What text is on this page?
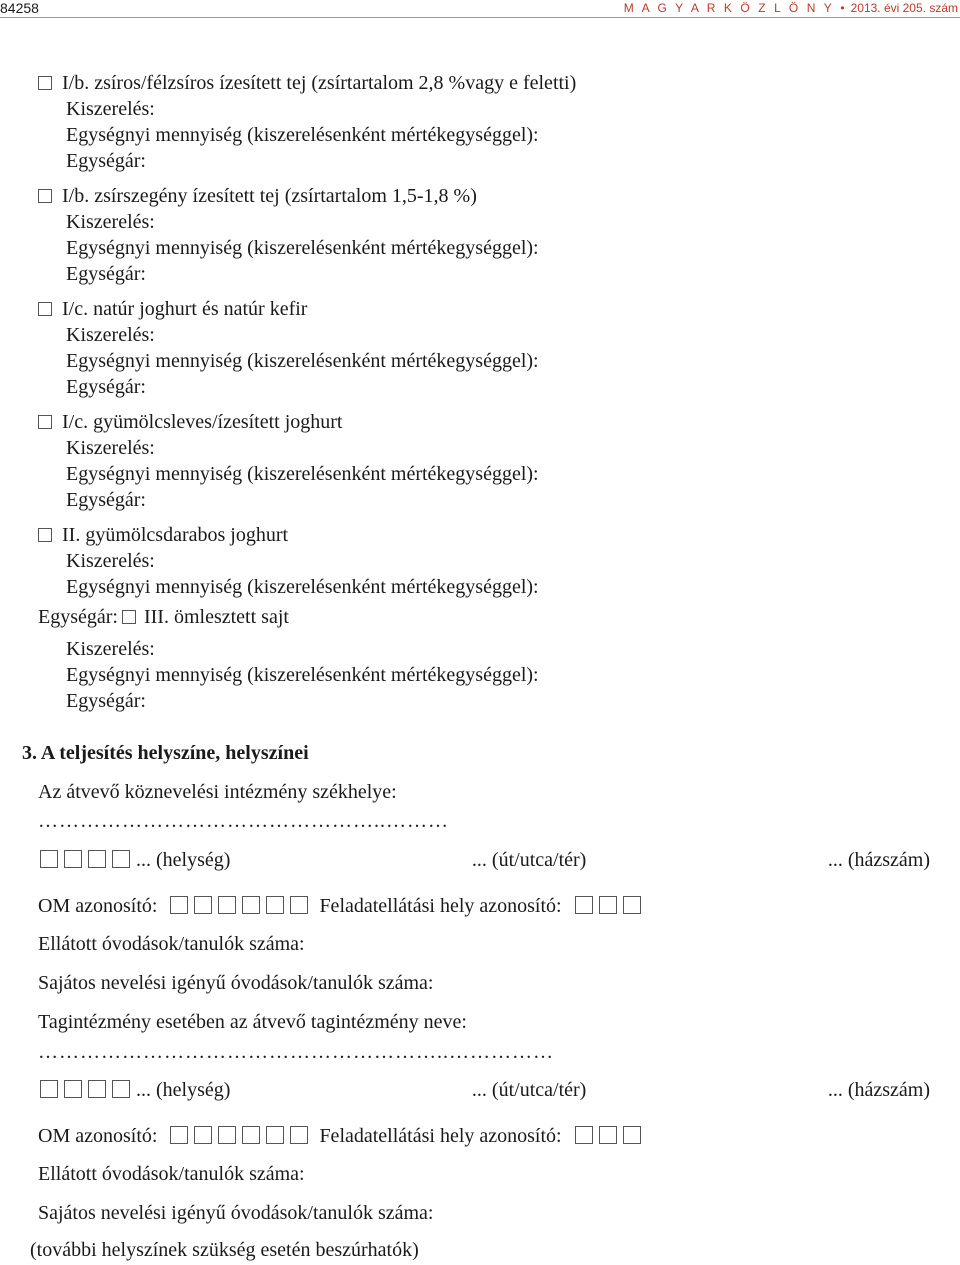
84258	M A G Y A R K Ö Z L Ö N Y • 2013. évi 205. szám
I/b. zsíros/félzsíros ízesített tej (zsírtartalom 2,8 %vagy e feletti)
Kiszerelés:
Egységnyi mennyiség (kiszerelésenként mértékegységgel):
Egységár:
I/b. zsírszegény ízesített tej (zsírtartalom 1,5-1,8 %)
Kiszerelés:
Egységnyi mennyiség (kiszerelésenként mértékegységgel):
Egységár:
I/c. natúr joghurt és natúr kefir
Kiszerelés:
Egységnyi mennyiség (kiszerelésenként mértékegységgel):
Egységár:
I/c. gyümölcsleves/ízesített joghurt
Kiszerelés:
Egységnyi mennyiség (kiszerelésenként mértékegységgel):
Egységár:
II. gyümölcsdarabos joghurt
Kiszerelés:
Egységnyi mennyiség (kiszerelésenként mértékegységgel):
Egységár: III. ömlesztett sajt
Kiszerelés:
Egységnyi mennyiség (kiszerelésenként mértékegységgel):
Egységár:
3. A teljesítés helyszíne, helyszínei
Az átvevő köznevelési intézmény székhelye:
…………………………………………..………
... (helység)	... (út/utca/tér)	... (házszám)
OM azonosító:	Feladatellátási hely azonosító:
Ellátott óvodások/tanulók száma:
Sajátos nevelési igényű óvodások/tanulók száma:
Tagintézmény esetében az átvevő tagintézmény neve:
…………………………………………………..……………
... (helység)	... (út/utca/tér)	... (házszám)
OM azonosító:	Feladatellátási hely azonosító:
Ellátott óvodások/tanulók száma:
Sajátos nevelési igényű óvodások/tanulók száma:
(további helyszínek szükség esetén beszúrhatók)
